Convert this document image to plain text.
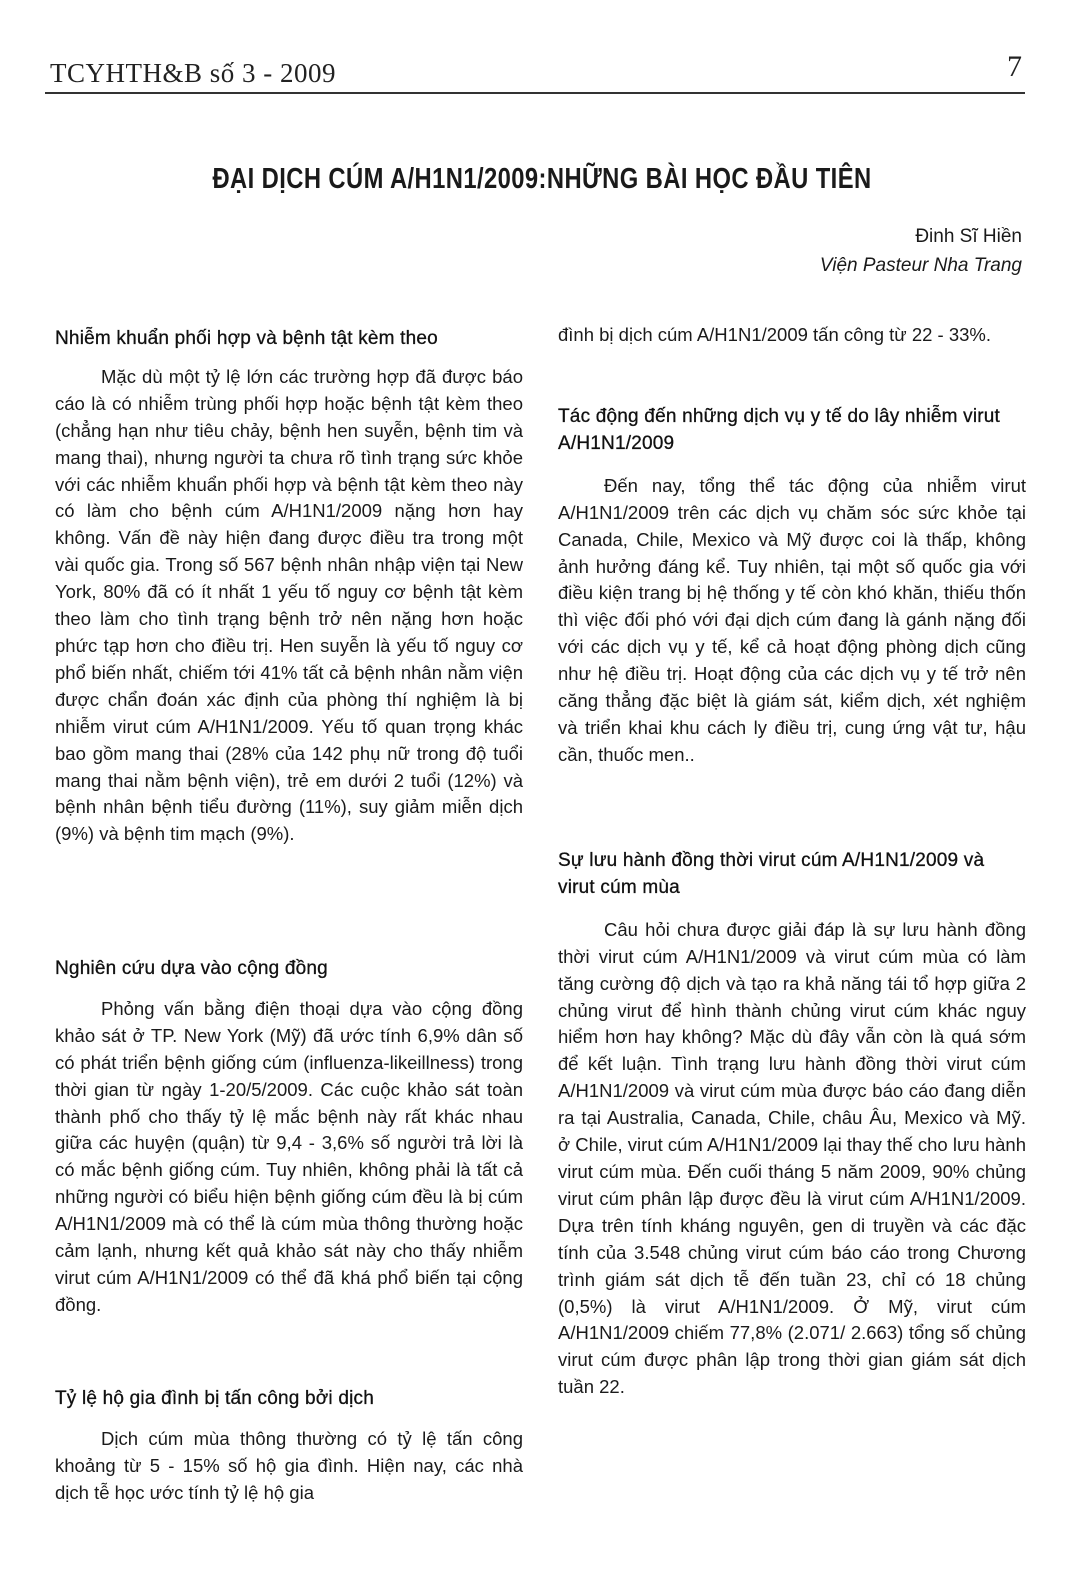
TCYHTH&B số 3 - 2009	7
ĐẠI DỊCH CÚM A/H1N1/2009:NHỮNG BÀI HỌC ĐẦU TIÊN
Đinh Sĩ Hiền
Viện Pasteur Nha Trang
Nhiễm khuẩn phối hợp và bệnh tật kèm theo

Mặc dù một tỷ lệ lớn các trường hợp đã được báo cáo là có nhiễm trùng phối hợp hoặc bệnh tật kèm theo (chẳng hạn như tiêu chảy, bệnh hen suyễn, bệnh tim và mang thai), nhưng người ta chưa rõ tình trạng sức khỏe với các nhiễm khuẩn phối hợp và bệnh tật kèm theo này có làm cho bệnh cúm A/H1N1/2009 nặng hơn hay không. Vấn đề này hiện đang được điều tra trong một vài quốc gia. Trong số 567 bệnh nhân nhập viện tại New York, 80% đã có ít nhất 1 yếu tố nguy cơ bệnh tật kèm theo làm cho tình trạng bệnh trở nên nặng hơn hoặc phức tạp hơn cho điều trị. Hen suyễn là yếu tố nguy cơ phổ biến nhất, chiếm tới 41% tất cả bệnh nhân nằm viện được chẩn đoán xác định của phòng thí nghiệm là bị nhiễm virut cúm A/H1N1/2009. Yếu tố quan trọng khác bao gồm mang thai (28% của 142 phụ nữ trong độ tuổi mang thai nằm bệnh viện), trẻ em dưới 2 tuổi (12%) và bệnh nhân bệnh tiểu đường (11%), suy giảm miễn dịch (9%) và bệnh tim mạch (9%).

Nghiên cứu dựa vào cộng đồng

Phỏng vấn bằng điện thoại dựa vào cộng đồng khảo sát ở TP. New York (Mỹ) đã ước tính 6,9% dân số có phát triển bệnh giống cúm (influenza-likeillness) trong thời gian từ ngày 1-20/5/2009. Các cuộc khảo sát toàn thành phố cho thấy tỷ lệ mắc bệnh này rất khác nhau giữa các huyện (quận) từ 9,4 - 3,6% số người trả lời là có mắc bệnh giống cúm. Tuy nhiên, không phải là tất cả những người có biểu hiện bệnh giống cúm đều là bị cúm A/H1N1/2009 mà có thể là cúm mùa thông thường hoặc cảm lạnh, nhưng kết quả khảo sát này cho thấy nhiễm virut cúm A/H1N1/2009 có thể đã khá phổ biến tại cộng đồng.

Tỷ lệ hộ gia đình bị tấn công bởi dịch

Dịch cúm mùa thông thường có tỷ lệ tấn công khoảng từ 5 - 15% số hộ gia đình. Hiện nay, các nhà dịch tễ học ước tính tỷ lệ hộ gia

đình bị dịch cúm A/H1N1/2009 tấn công từ 22 - 33%.

Tác động đến những dịch vụ y tế do lây nhiễm virut A/H1N1/2009

Đến nay, tổng thể tác động của nhiễm virut A/H1N1/2009 trên các dịch vụ chăm sóc sức khỏe tại Canada, Chile, Mexico và Mỹ được coi là thấp, không ảnh hưởng đáng kể. Tuy nhiên, tại một số quốc gia với điều kiện trang bị hệ thống y tế còn khó khăn, thiếu thốn thì việc đối phó với đại dịch cúm đang là gánh nặng đối với các dịch vụ y tế, kể cả hoạt động phòng dịch cũng như hệ điều trị. Hoạt động của các dịch vụ y tế trở nên căng thẳng đặc biệt là giám sát, kiểm dịch, xét nghiệm và triển khai khu cách ly điều trị, cung ứng vật tư, hậu cần, thuốc men..

Sự lưu hành đồng thời virut cúm A/H1N1/2009 và virut cúm mùa

Câu hỏi chưa được giải đáp là sự lưu hành đồng thời virut cúm A/H1N1/2009 và virut cúm mùa có làm tăng cường độ dịch và tạo ra khả năng tái tổ hợp giữa 2 chủng virut để hình thành chủng virut cúm khác nguy hiểm hơn hay không? Mặc dù đây vẫn còn là quá sớm để kết luận. Tình trạng lưu hành đồng thời virut cúm A/H1N1/2009 và virut cúm mùa được báo cáo đang diễn ra tại Australia, Canada, Chile, châu Âu, Mexico và Mỹ. ở Chile, virut cúm A/H1N1/2009 lại thay thế cho lưu hành virut cúm mùa. Đến cuối tháng 5 năm 2009, 90% chủng virut cúm phân lập được đều là virut cúm A/H1N1/2009. Dựa trên tính kháng nguyên, gen di truyền và các đặc tính của 3.548 chủng virut cúm báo cáo trong Chương trình giám sát dịch tễ đến tuần 23, chỉ có 18 chủng (0,5%) là virut A/H1N1/2009. Ở Mỹ, virut cúm A/H1N1/2009 chiếm 77,8% (2.071/ 2.663) tổng số chủng virut cúm được phân lập trong thời gian giám sát dịch tuần 22.
